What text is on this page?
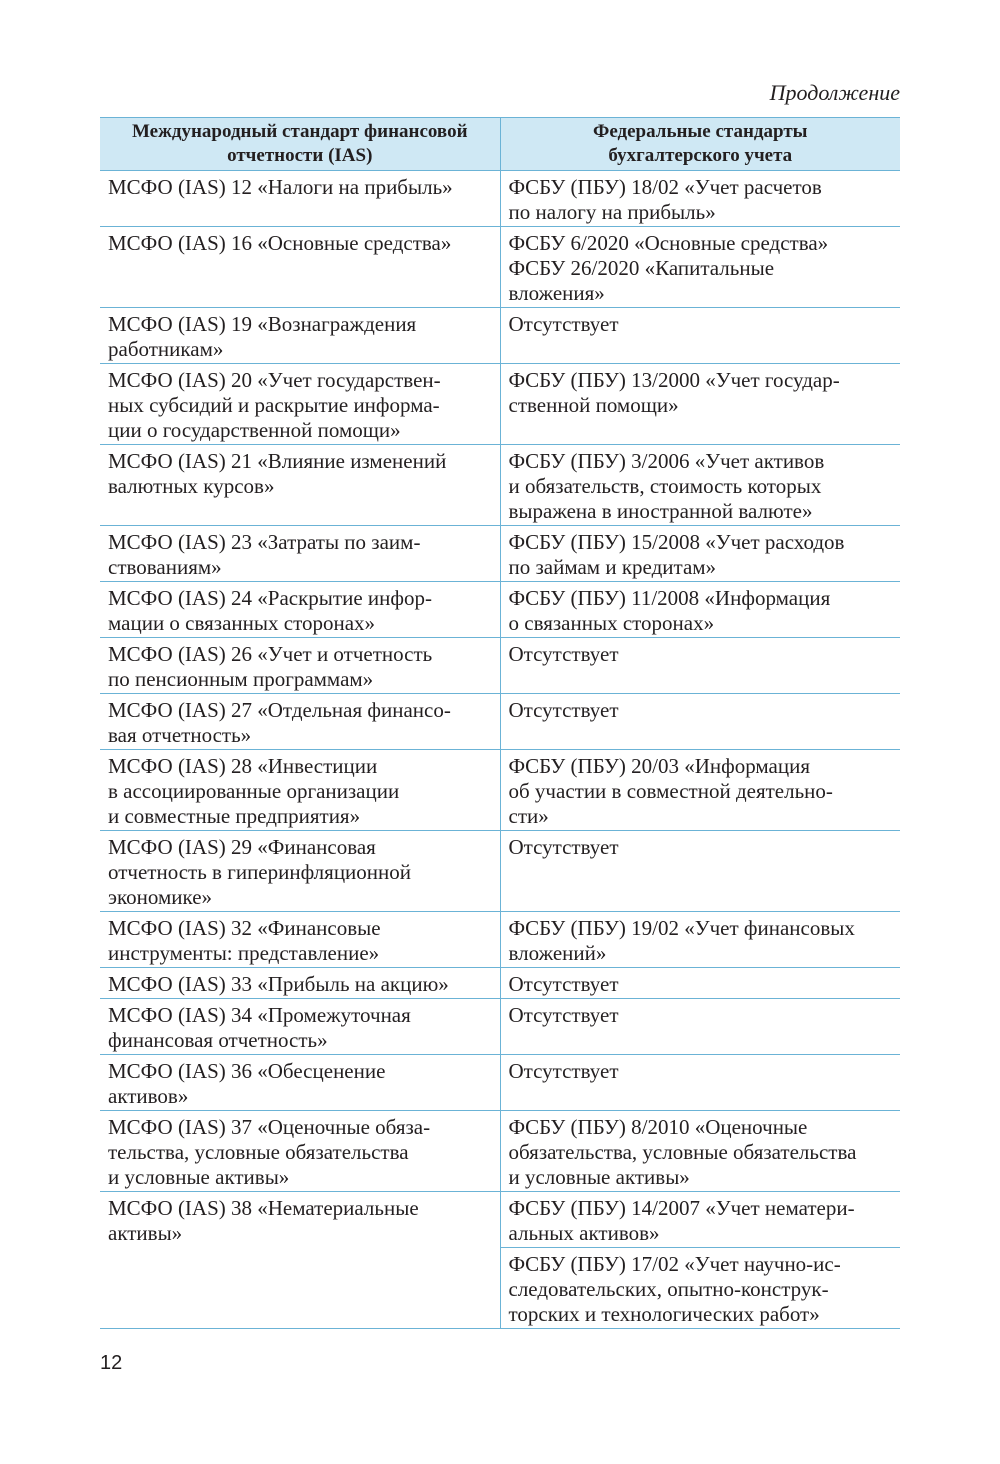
Продолжение
Международный стандарт финансовой
отчетности (IAS)	Федеральные стандарты
бухгалтерского учета

МСФО (IAS) 12 «Налоги на прибыль»	ФСБУ (ПБУ) 18/02 «Учет расчетов
по налогу на прибыль»

МСФО (IAS) 16 «Основные средства»	ФСБУ 6/2020 «Основные средства»
ФСБУ 26/2020 «Капитальные
вложения»

МСФО (IAS) 19 «Вознаграждения
работникам»	Отсутствует

МСФО (IAS) 20 «Учет государствен-
ных субсидий и раскрытие информа-
ции о государственной помощи»	ФСБУ (ПБУ) 13/2000 «Учет государ-
ственной помощи»

МСФО (IAS) 21 «Влияние изменений
валютных курсов»	ФСБУ (ПБУ) 3/2006 «Учет активов
и обязательств, стоимость которых
выражена в иностранной валюте»

МСФО (IAS) 23 «Затраты по заим-
ствованиям»	ФСБУ (ПБУ) 15/2008 «Учет расходов
по займам и кредитам»

МСФО (IAS) 24 «Раскрытие инфор-
мации о связанных сторонах»	ФСБУ (ПБУ) 11/2008 «Информация
о связанных сторонах»

МСФО (IAS) 26 «Учет и отчетность
по пенсионным программам»	Отсутствует

МСФО (IAS) 27 «Отдельная финансо-
вая отчетность»	Отсутствует

МСФО (IAS) 28 «Инвестиции
в ассоциированные организации
и совместные предприятия»	ФСБУ (ПБУ) 20/03 «Информация
об участии в совместной деятельно-
сти»

МСФО (IAS) 29 «Финансовая
отчетность в гиперинфляционной
экономике»	Отсутствует

МСФО (IAS) 32 «Финансовые
инструменты: представление»	ФСБУ (ПБУ) 19/02 «Учет финансовых
вложений»

МСФО (IAS) 33 «Прибыль на акцию»	Отсутствует

МСФО (IAS) 34 «Промежуточная
финансовая отчетность»	Отсутствует

МСФО (IAS) 36 «Обесценение
активов»	Отсутствует

МСФО (IAS) 37 «Оценочные обяза-
тельства, условные обязательства
и условные активы»	ФСБУ (ПБУ) 8/2010 «Оценочные
обязательства, условные обязательства
и условные активы»

МСФО (IAS) 38 «Нематериальные
активы»	ФСБУ (ПБУ) 14/2007 «Учет нематери-
альных активов»

	ФСБУ (ПБУ) 17/02 «Учет научно-ис-
следовательских, опытно-конструк-
торских и технологических работ»
12
